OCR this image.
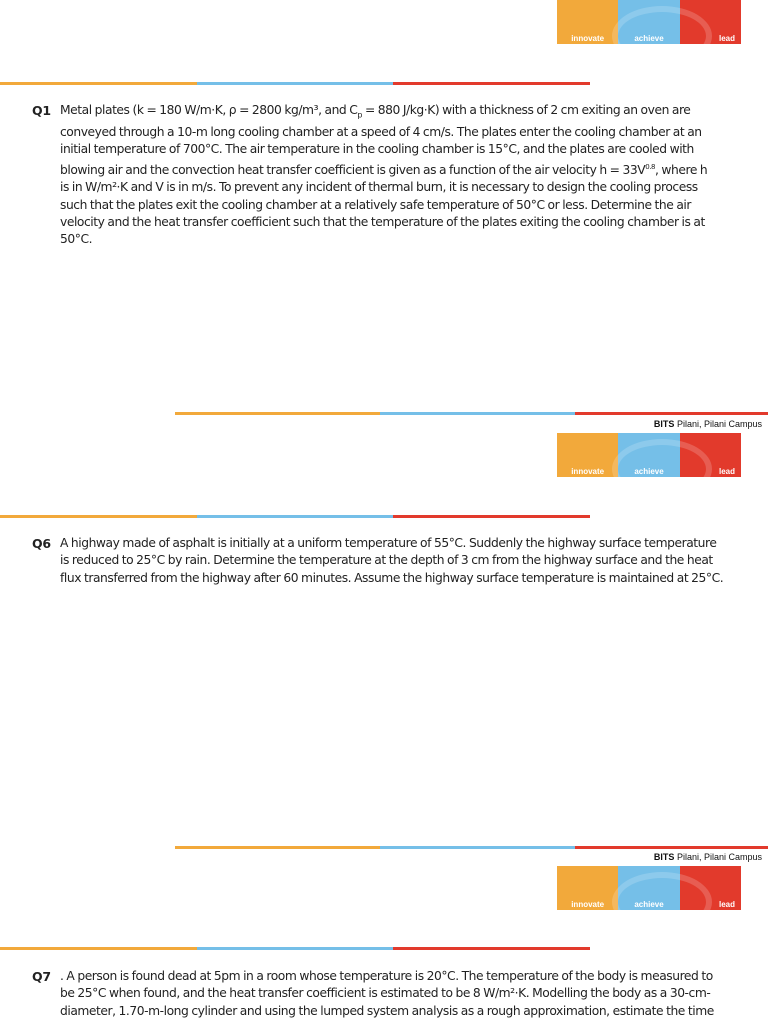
innovate	achieve	lead
Q1 Metal plates (k = 180 W/m·K, ρ = 2800 kg/m³, and $C_p = 880$ J/kg·K) with a thickness of 2 cm exiting an oven are
conveyed through a 10-m long cooling chamber at a speed of 4 cm/s. The plates enter the cooling chamber at an
initial temperature of 700°C. The air temperature in the cooling chamber is 15°C, and the plates are cooled with
blowing air and the convection heat transfer coefficient is given as a function of the air velocity $h = 33V^{0.8}$, where h
is in W/m²·K and V is in m/s. To prevent any incident of thermal burn, it is necessary to design the cooling process
such that the plates exit the cooling chamber at a relatively safe temperature of 50°C or less. Determine the air
velocity and the heat transfer coefficient such that the temperature of the plates exiting the cooling chamber is at
50°C.
BITS Pilani, Pilani Campus
innovate	achieve	lead
Q6 A highway made of asphalt is initially at a uniform temperature of 55°C. Suddenly the highway surface temperature
is reduced to 25°C by rain. Determine the temperature at the depth of 3 cm from the highway surface and the heat
flux transferred from the highway after 60 minutes. Assume the highway surface temperature is maintained at 25°C.
BITS Pilani, Pilani Campus
innovate	achieve	lead
Q7 . A person is found dead at 5pm in a room whose temperature is 20°C. The temperature of the body is measured to
be 25°C when found, and the heat transfer coefficient is estimated to be 8 W/m²·K. Modelling the body as a 30-cm-
diameter, 1.70-m-long cylinder and using the lumped system analysis as a rough approximation, estimate the time
